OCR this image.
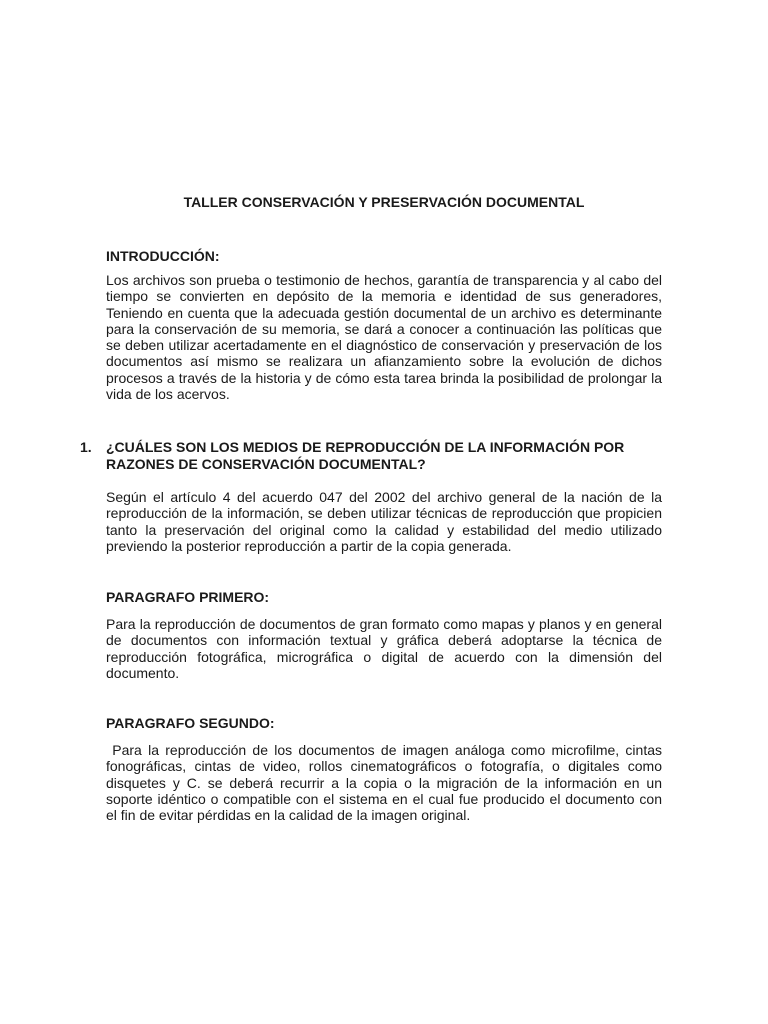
TALLER CONSERVACIÓN Y PRESERVACIÓN DOCUMENTAL
INTRODUCCIÓN:

Los archivos son prueba o testimonio de hechos, garantía de transparencia y al cabo del tiempo se convierten en depósito de la memoria e identidad de sus generadores, Teniendo en cuenta que la adecuada gestión documental de un archivo es determinante para la conservación de su memoria, se dará a conocer a continuación las políticas que se deben utilizar acertadamente en el diagnóstico de conservación y preservación de los documentos así mismo se realizara un afianzamiento sobre la evolución de dichos procesos a través de la historia y de cómo esta tarea brinda la posibilidad de prolongar la vida de los acervos.

1. ¿CUÁLES SON LOS MEDIOS DE REPRODUCCIÓN DE LA INFORMACIÓN POR RAZONES DE CONSERVACIÓN DOCUMENTAL?

Según el artículo 4 del acuerdo 047 del 2002 del archivo general de la nación de la reproducción de la información, se deben utilizar técnicas de reproducción que propicien tanto la preservación del original como la calidad y estabilidad del medio utilizado previendo la posterior reproducción a partir de la copia generada.

PARAGRAFO PRIMERO:

Para la reproducción de documentos de gran formato como mapas y planos y en general de documentos con información textual y gráfica deberá adoptarse la técnica de reproducción fotográfica, micrográfica o digital de acuerdo con la dimensión del documento.

PARAGRAFO SEGUNDO:

Para la reproducción de los documentos de imagen análoga como microfilme, cintas fonográficas, cintas de video, rollos cinematográficos o fotografía, o digitales como disquetes y C. se deberá recurrir a la copia o la migración de la información en un soporte idéntico o compatible con el sistema en el cual fue producido el documento con el fin de evitar pérdidas en la calidad de la imagen original.
